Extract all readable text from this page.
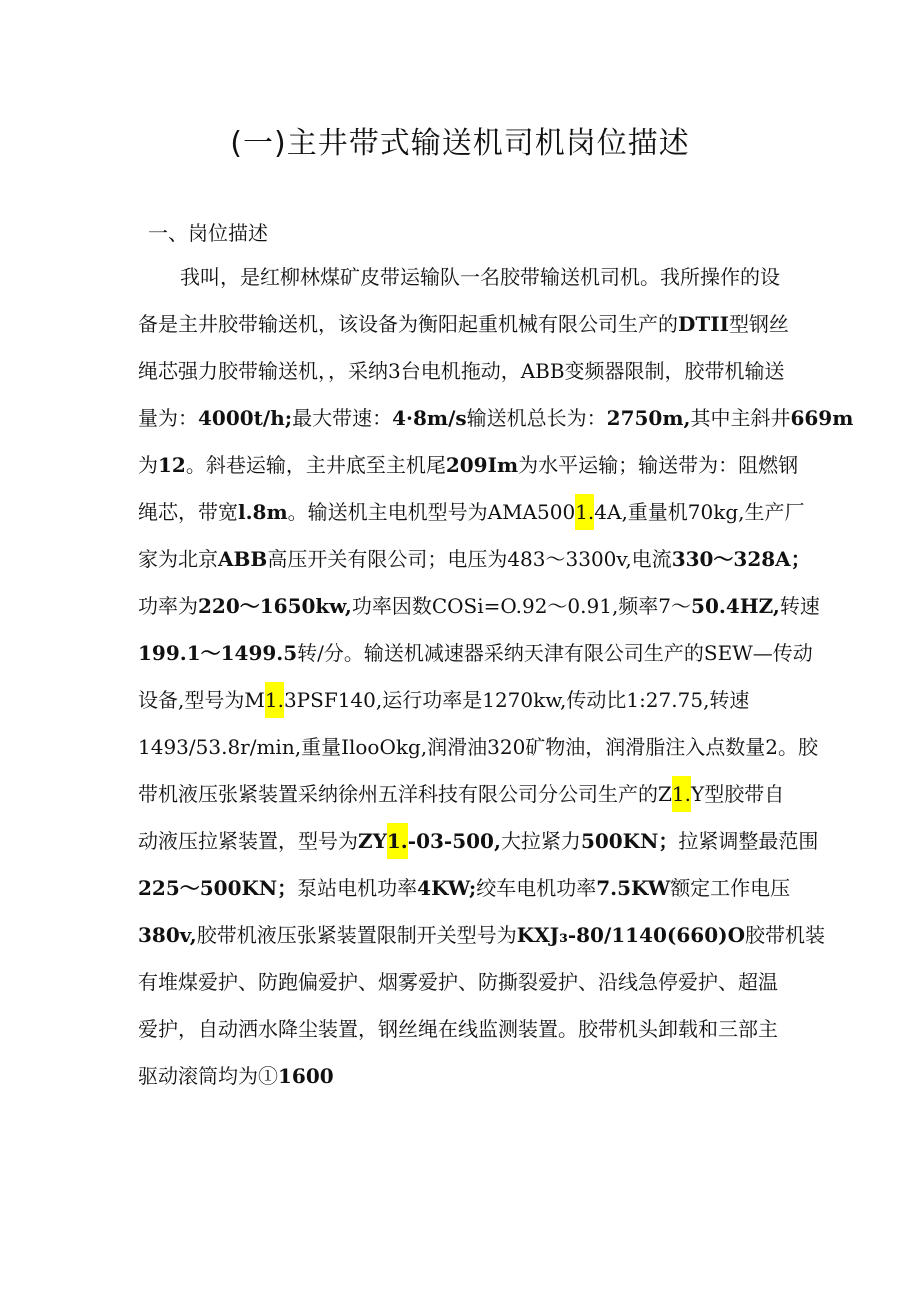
(一)主井带式输送机司机岗位描述
一、岗位描述
我叫，是红柳林煤矿皮带运输队一名胶带输送机司机。我所操作的设
备是主井胶带输送机，该设备为衡阳起重机械有限公司生产的DTII型钢丝
绳芯强力胶带输送机，，采纳3台电机拖动，ABB变频器限制，胶带机输送
量为：4000t/h;最大带速：4·8m/s输送机总长为：2750m,其中主斜井669m
为12。斜巷运输，主井底至主机尾209Im为水平运输；输送带为：阻燃钢
绳芯，带宽l.8m。输送机主电机型号为AMA5001.4A,重量机70kg,生产厂
家为北京ABB高压开关有限公司；电压为483～3300v,电流330～328A；
功率为220～1650kw,功率因数COSi=O.92～0.91,频率7～50.4HZ,转速
199.1～1499.5转/分。输送机减速器采纳天津有限公司生产的SEW—传动
设备,型号为M1.3PSF140,运行功率是1270kw,传动比1:27.75,转速
1493/53.8r/min,重量IlooOkg,润滑油320矿物油，润滑脂注入点数量2。胶
带机液压张紧装置采纳徐州五洋科技有限公司分公司生产的Z1.Y型胶带自
动液压拉紧装置，型号为ZY1.-03-500,大拉紧力500KN；拉紧调整最范围
225～500KN；泵站电机功率4KW;绞车电机功率7.5KW额定工作电压
380v,胶带机液压张紧装置限制开关型号为KXJ₃-80/1140(660)O胶带机装
有堆煤爱护、防跑偏爱护、烟雾爱护、防撕裂爱护、沿线急停爱护、超温
爱护，自动洒水降尘装置，钢丝绳在线监测装置。胶带机头卸载和三部主
驱动滚筒均为①1600
